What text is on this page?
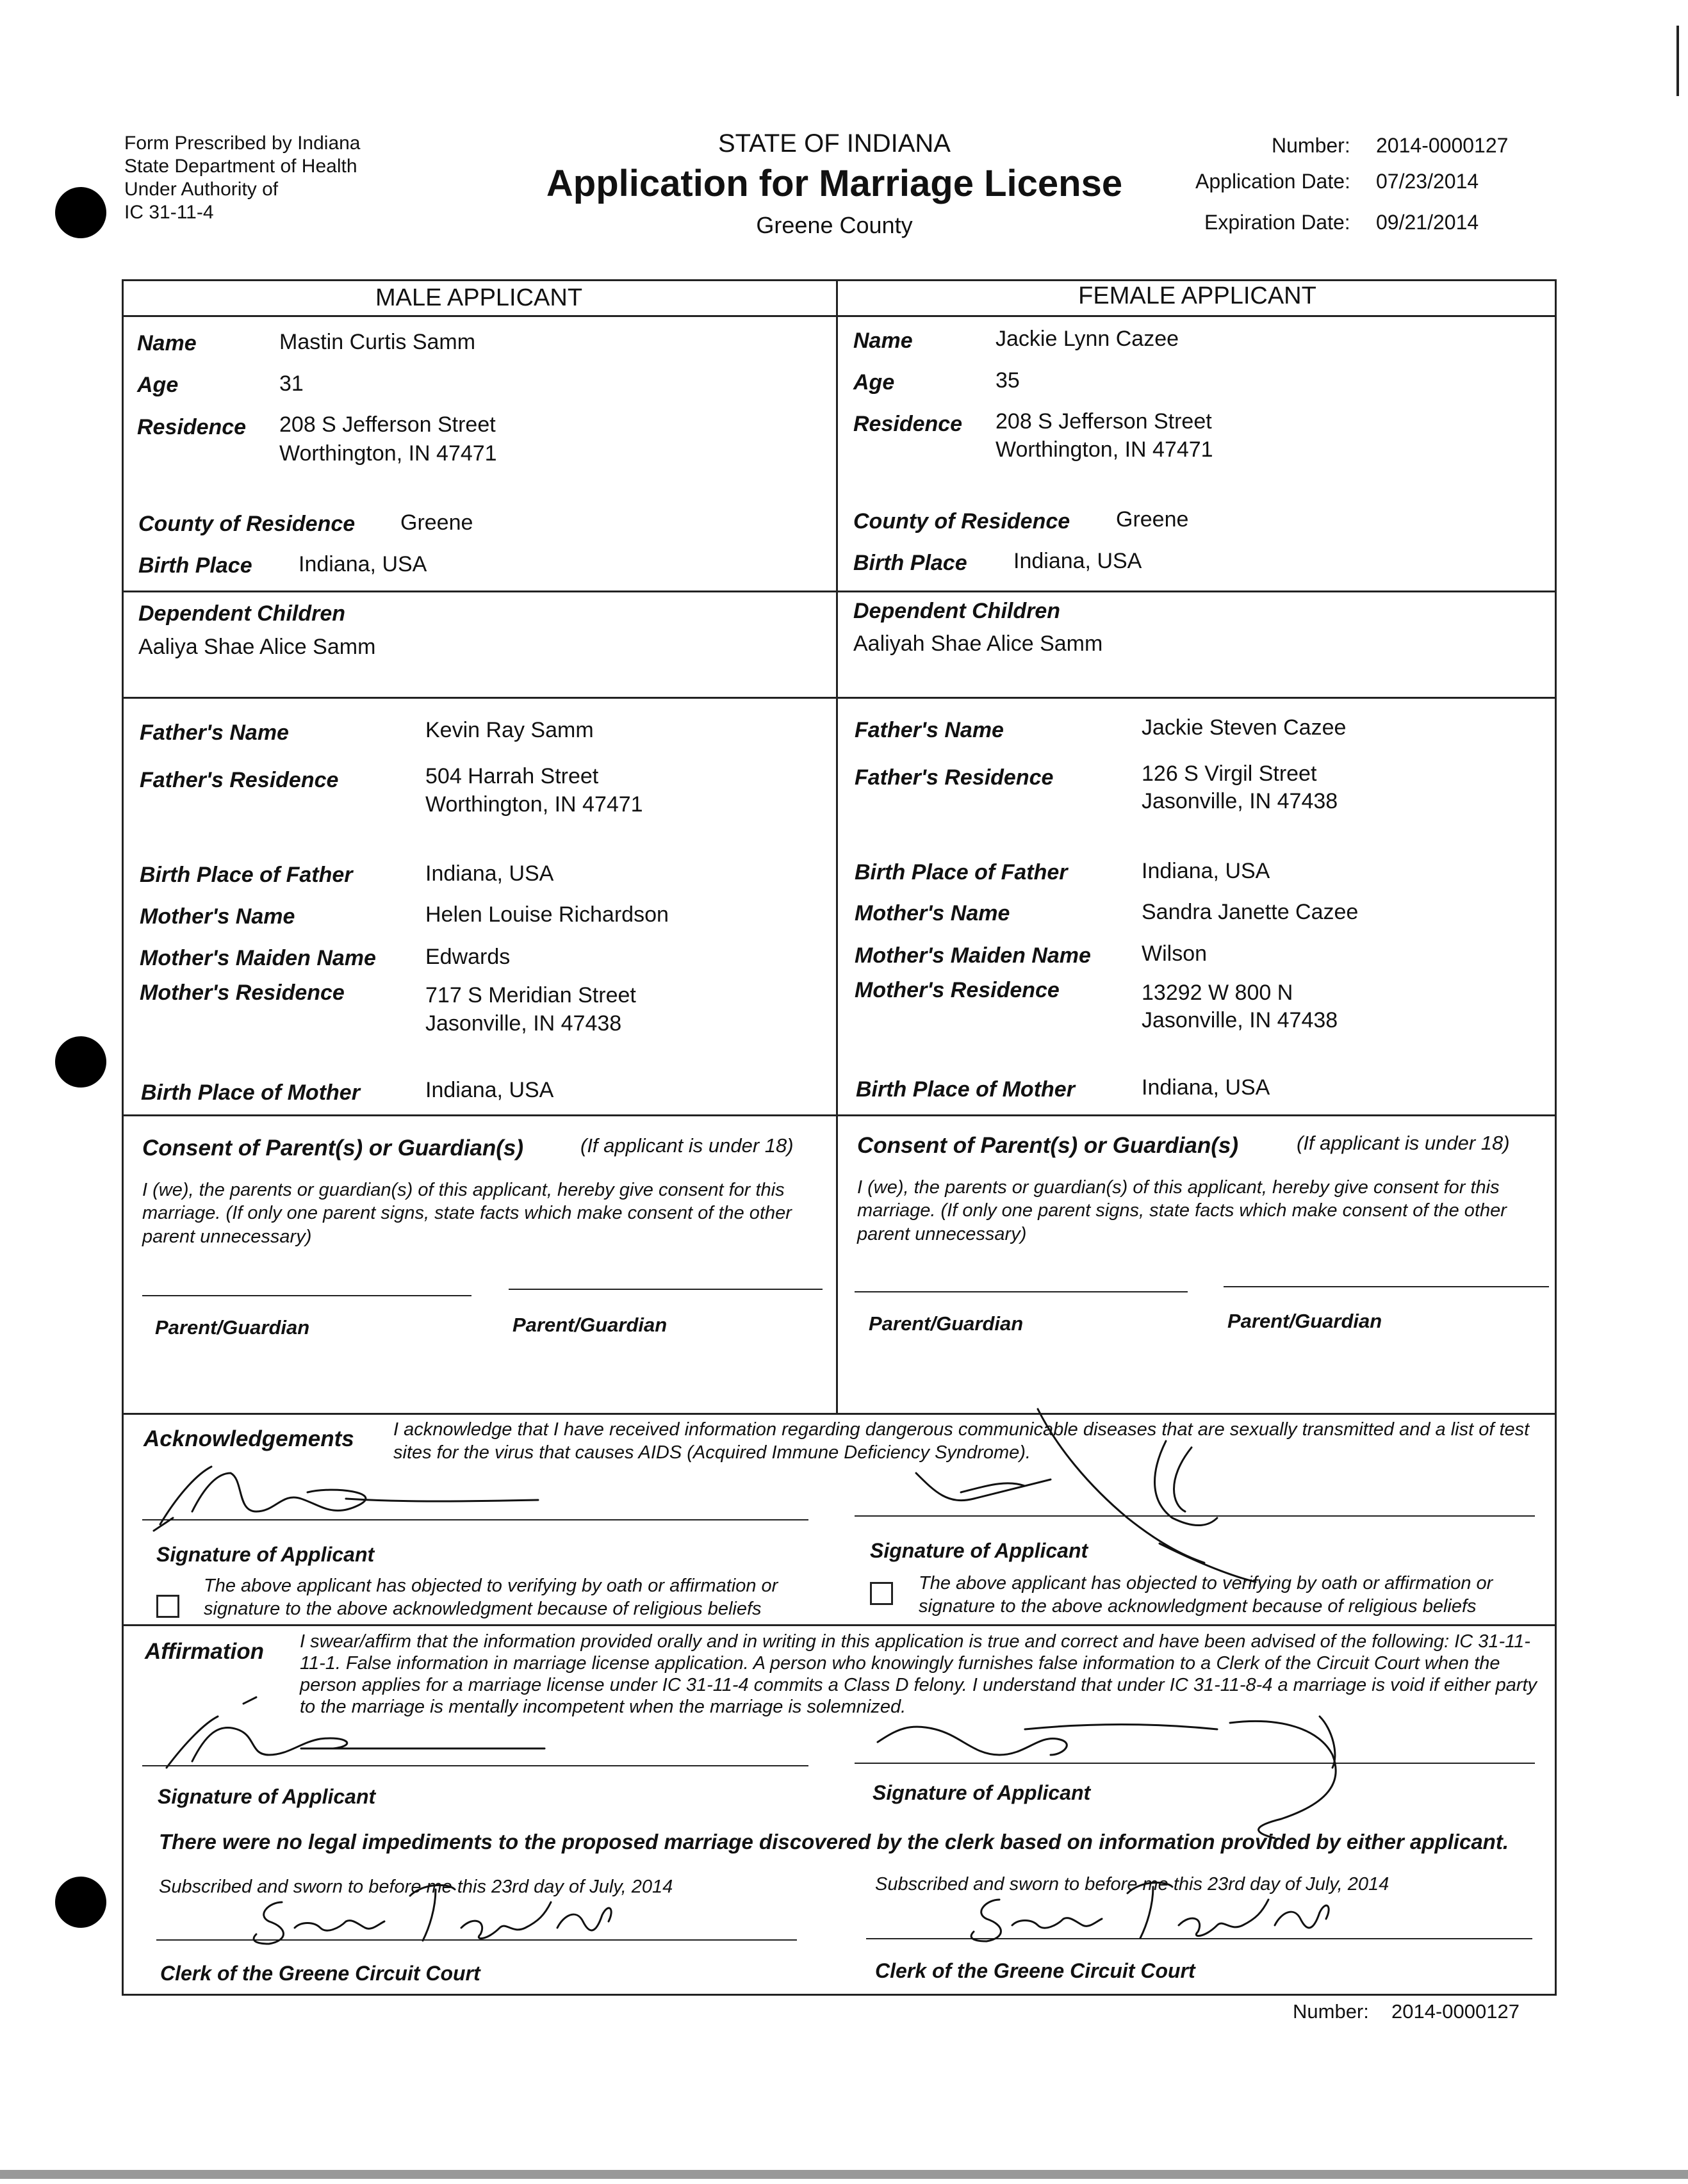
Form Prescribed by Indiana
State Department of Health
Under Authority of
IC 31-11-4
STATE OF INDIANA
Application for Marriage License
Greene County
Number: 2014-0000127
Application Date: 07/23/2014
Expiration Date: 09/21/2014
MALE APPLICANT	FEMALE APPLICANT
Name	Mastin Curtis Samm
Age	31
Residence 208 S Jefferson Street
Worthington, IN 47471
County of Residence Greene
Birth Place Indiana, USA
Dependent Children
Aaliya Shae Alice Samm
Father's Name	Kevin Ray Samm
Father's Residence	504 Harrah Street
Worthington, IN 47471
Birth Place of Father	Indiana, USA
Mother's Name	Helen Louise Richardson
Mother's Maiden Name Edwards
Mother's Residence	717 S Meridian Street
Jasonville, IN 47438
Birth Place of Mother	Indiana, USA
Consent of Parent(s) or Guardian(s)	(If applicant is under 18)
I (we), the parents or guardian(s) of this applicant, hereby give consent for this marriage. (If only one parent signs, state facts which make consent of the other parent unnecessary)
Parent/Guardian	Parent/Guardian
Name	Jackie Lynn Cazee
Age	35
Residence 208 S Jefferson Street
Worthington, IN 47471
County of Residence Greene
Birth Place Indiana, USA
Dependent Children
Aaliyah Shae Alice Samm
Father's Name	Jackie Steven Cazee
Father's Residence	126 S Virgil Street
Jasonville, IN 47438
Birth Place of Father	Indiana, USA
Mother's Name	Sandra Janette Cazee
Mother's Maiden Name Wilson
Mother's Residence	13292 W 800 N
Jasonville, IN 47438
Birth Place of Mother	Indiana, USA
Consent of Parent(s) or Guardian(s)	(If applicant is under 18)
I (we), the parents or guardian(s) of this applicant, hereby give consent for this marriage. (If only one parent signs, state facts which make consent of the other parent unnecessary)
Parent/Guardian	Parent/Guardian
Acknowledgements I acknowledge that I have received information regarding dangerous communicable diseases that are sexually transmitted and a list of test sites for the virus that causes AIDS (Acquired Immune Deficiency Syndrome).
Signature of Applicant	Signature of Applicant
The above applicant has objected to verifying by oath or affirmation or signature to the above acknowledgment because of religious beliefs
The above applicant has objected to verifying by oath or affirmation or signature to the above acknowledgment because of religious beliefs
Affirmation I swear/affirm that the information provided orally and in writing in this application is true and correct and have been advised of the following: IC 31-11-11-1. False information in marriage license application. A person who knowingly furnishes false information to a Clerk of the Circuit Court when the person applies for a marriage license under IC 31-11-4 commits a Class D felony. I understand that under IC 31-11-8-4 a marriage is void if either party to the marriage is mentally incompetent when the marriage is solemnized.
Signature of Applicant	Signature of Applicant
There were no legal impediments to the proposed marriage discovered by the clerk based on information provided by either applicant.
Subscribed and sworn to before me this 23rd day of July, 2014	Subscribed and sworn to before me this 23rd day of July, 2014
Clerk of the Greene Circuit Court	Clerk of the Greene Circuit Court
Number: 2014-0000127
